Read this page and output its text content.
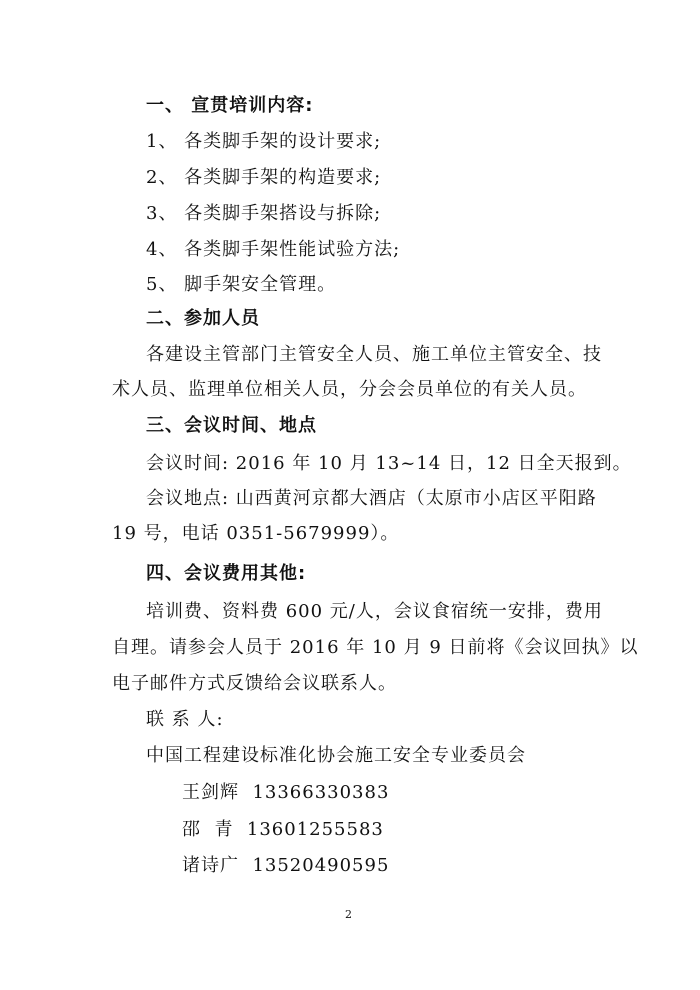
一、 宣贯培训内容:
1、 各类脚手架的设计要求;
2、 各类脚手架的构造要求;
3、 各类脚手架搭设与拆除;
4、 各类脚手架性能试验方法;
5、 脚手架安全管理。
二、参加人员
各建设主管部门主管安全人员、施工单位主管安全、技
术人员、监理单位相关人员，分会会员单位的有关人员。
三、会议时间、地点
会议时间: 2016 年 10 月 13~14 日，12 日全天报到。
会议地点: 山西黄河京都大酒店（太原市小店区平阳路
19 号，电话 0351-5679999）。
四、会议费用其他:
培训费、资料费 600 元/人，会议食宿统一安排，费用
自理。请参会人员于 2016 年 10 月 9 日前将《会议回执》以
电子邮件方式反馈给会议联系人。
联 系 人:
中国工程建设标准化协会施工安全专业委员会
王剑辉  13366330383
邵  青  13601255583
诸诗广  13520490595
2
